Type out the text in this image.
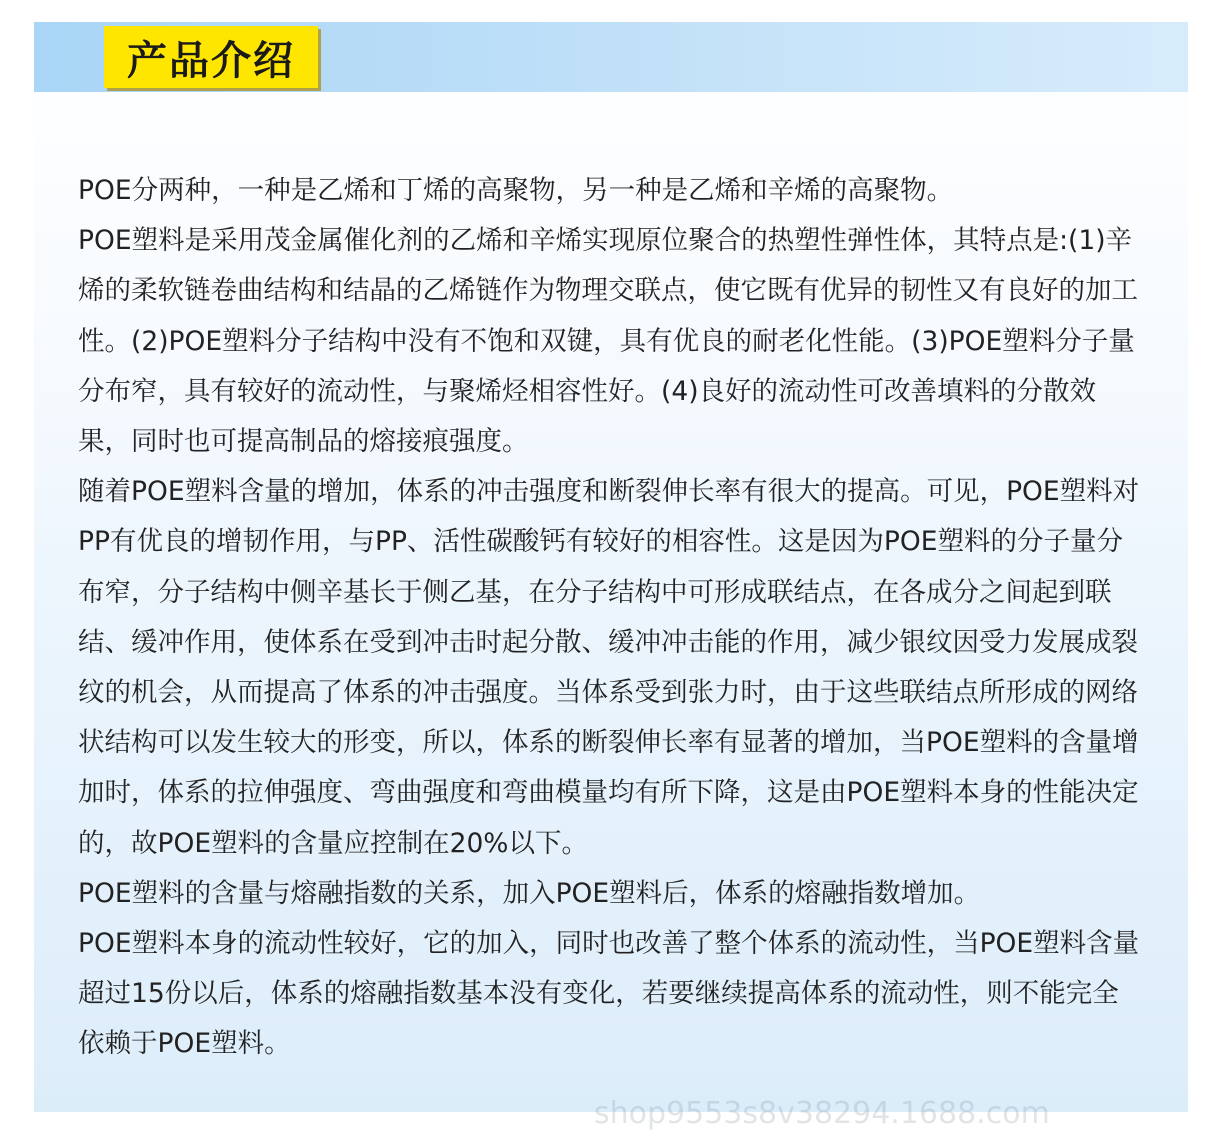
产品介绍

POE分两种，一种是乙烯和丁烯的高聚物，另一种是乙烯和辛烯的高聚物。

POE塑料是采用茂金属催化剂的乙烯和辛烯实现原位聚合的热塑性弹性体，其特点是:(1)辛烯的柔软链卷曲结构和结晶的乙烯链作为物理交联点，使它既有优异的韧性又有良好的加工性。(2)POE塑料分子结构中没有不饱和双键，具有优良的耐老化性能。(3)POE塑料分子量分布窄，具有较好的流动性，与聚烯烃相容性好。(4)良好的流动性可改善填料的分散效果，同时也可提高制品的熔接痕强度。

随着POE塑料含量的增加，体系的冲击强度和断裂伸长率有很大的提高。可见，POE塑料对PP有优良的增韧作用，与PP、活性碳酸钙有较好的相容性。这是因为POE塑料的分子量分布窄，分子结构中侧辛基长于侧乙基，在分子结构中可形成联结点，在各成分之间起到联结、缓冲作用，使体系在受到冲击时起分散、缓冲冲击能的作用，减少银纹因受力发展成裂纹的机会，从而提高了体系的冲击强度。当体系受到张力时，由于这些联结点所形成的网络状结构可以发生较大的形变，所以，体系的断裂伸长率有显著的增加，当POE塑料的含量增加时，体系的拉伸强度、弯曲强度和弯曲模量均有所下降，这是由POE塑料本身的性能决定的，故POE塑料的含量应控制在20%以下。

POE塑料的含量与熔融指数的关系，加入POE塑料后，体系的熔融指数增加。

POE塑料本身的流动性较好，它的加入，同时也改善了整个体系的流动性，当POE塑料含量超过15份以后，体系的熔融指数基本没有变化，若要继续提高体系的流动性，则不能完全依赖于POE塑料。

shop9553s8v38294.1688.com
